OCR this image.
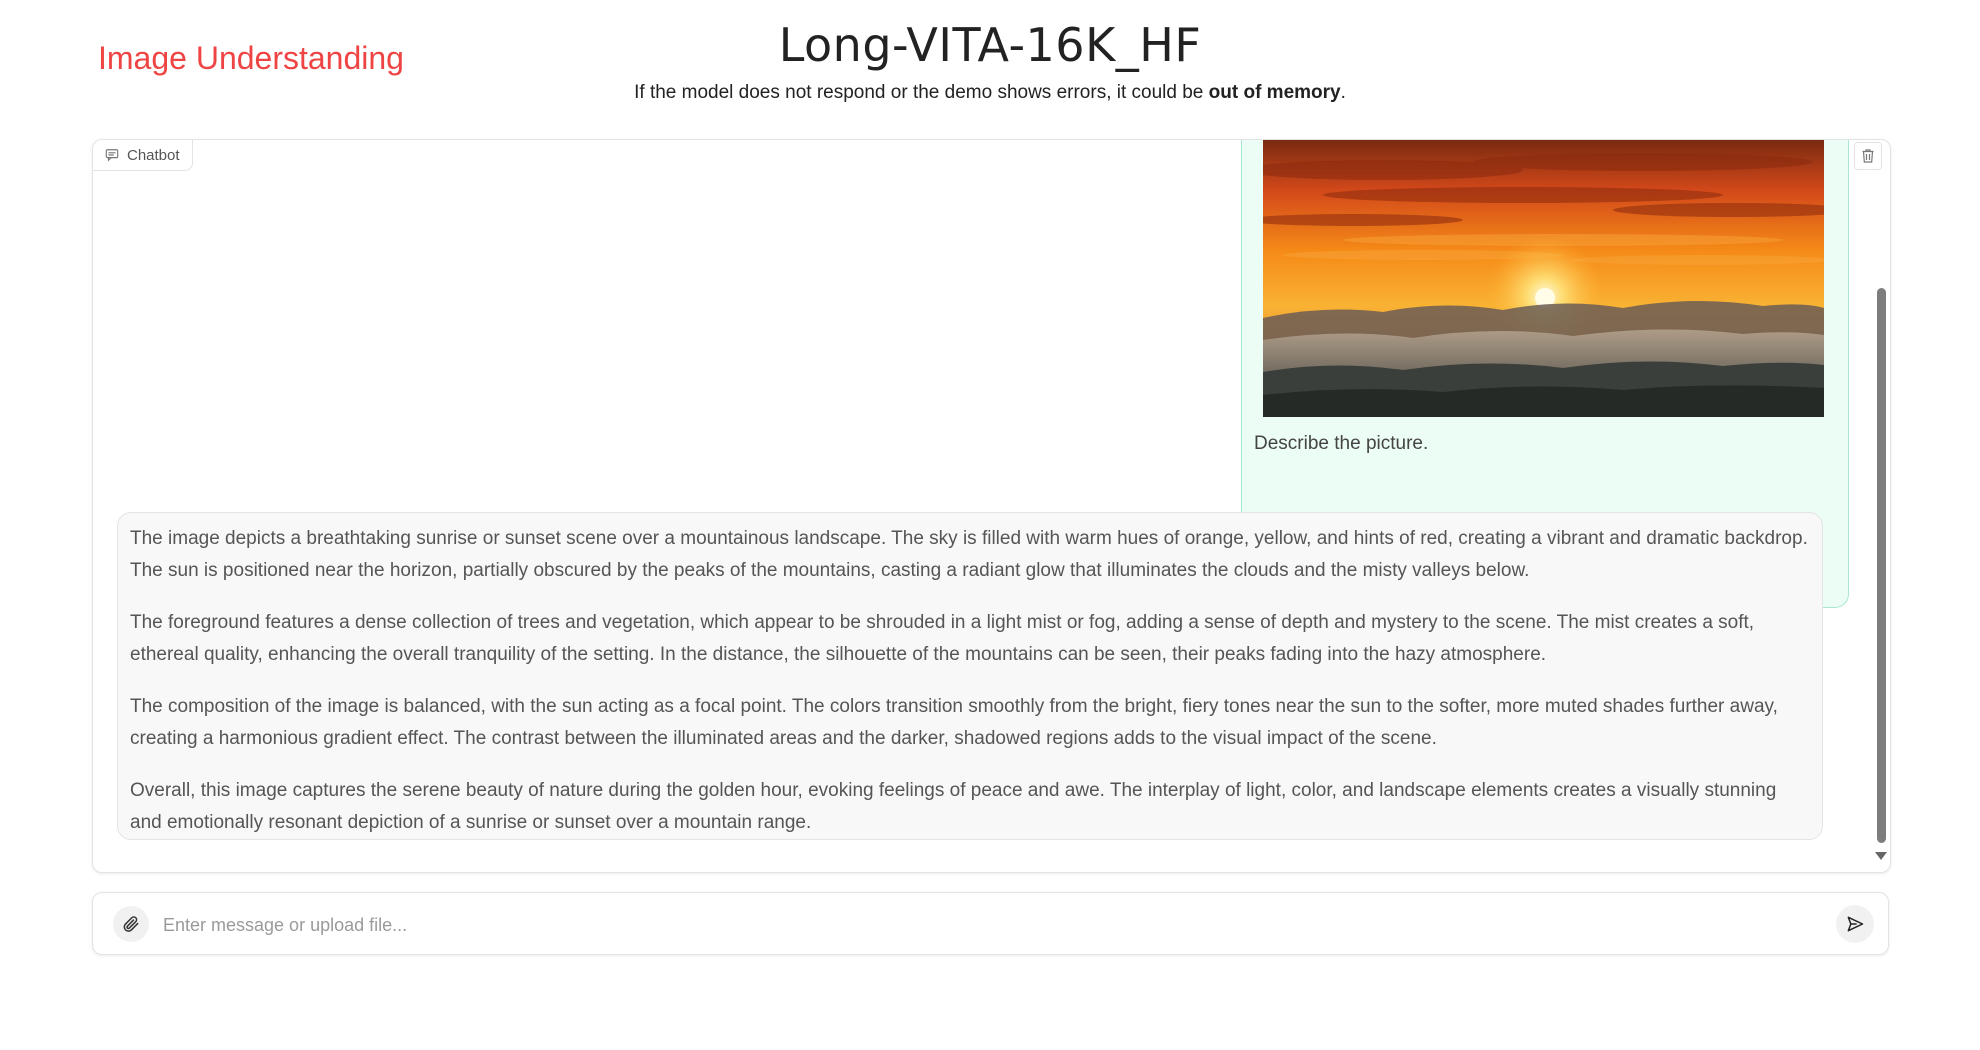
Image Understanding	Long-VITA-16K_HF
If the model does not respond or the demo shows errors, it could be out of memory.
Chatbot
Describe the picture.

The image depicts a breathtaking sunrise or sunset scene over a mountainous landscape. The sky is filled with warm hues of orange, yellow, and hints of red, creating a vibrant and dramatic backdrop. The sun is positioned near the horizon, partially obscured by the peaks of the mountains, casting a radiant glow that illuminates the clouds and the misty valleys below.

The foreground features a dense collection of trees and vegetation, which appear to be shrouded in a light mist or fog, adding a sense of depth and mystery to the scene. The mist creates a soft, ethereal quality, enhancing the overall tranquility of the setting. In the distance, the silhouette of the mountains can be seen, their peaks fading into the hazy atmosphere.

The composition of the image is balanced, with the sun acting as a focal point. The colors transition smoothly from the bright, fiery tones near the sun to the softer, more muted shades further away, creating a harmonious gradient effect. The contrast between the illuminated areas and the darker, shadowed regions adds to the visual impact of the scene.

Overall, this image captures the serene beauty of nature during the golden hour, evoking feelings of peace and awe. The interplay of light, color, and landscape elements creates a visually stunning and emotionally resonant depiction of a sunrise or sunset over a mountain range.

Enter message or upload file...
